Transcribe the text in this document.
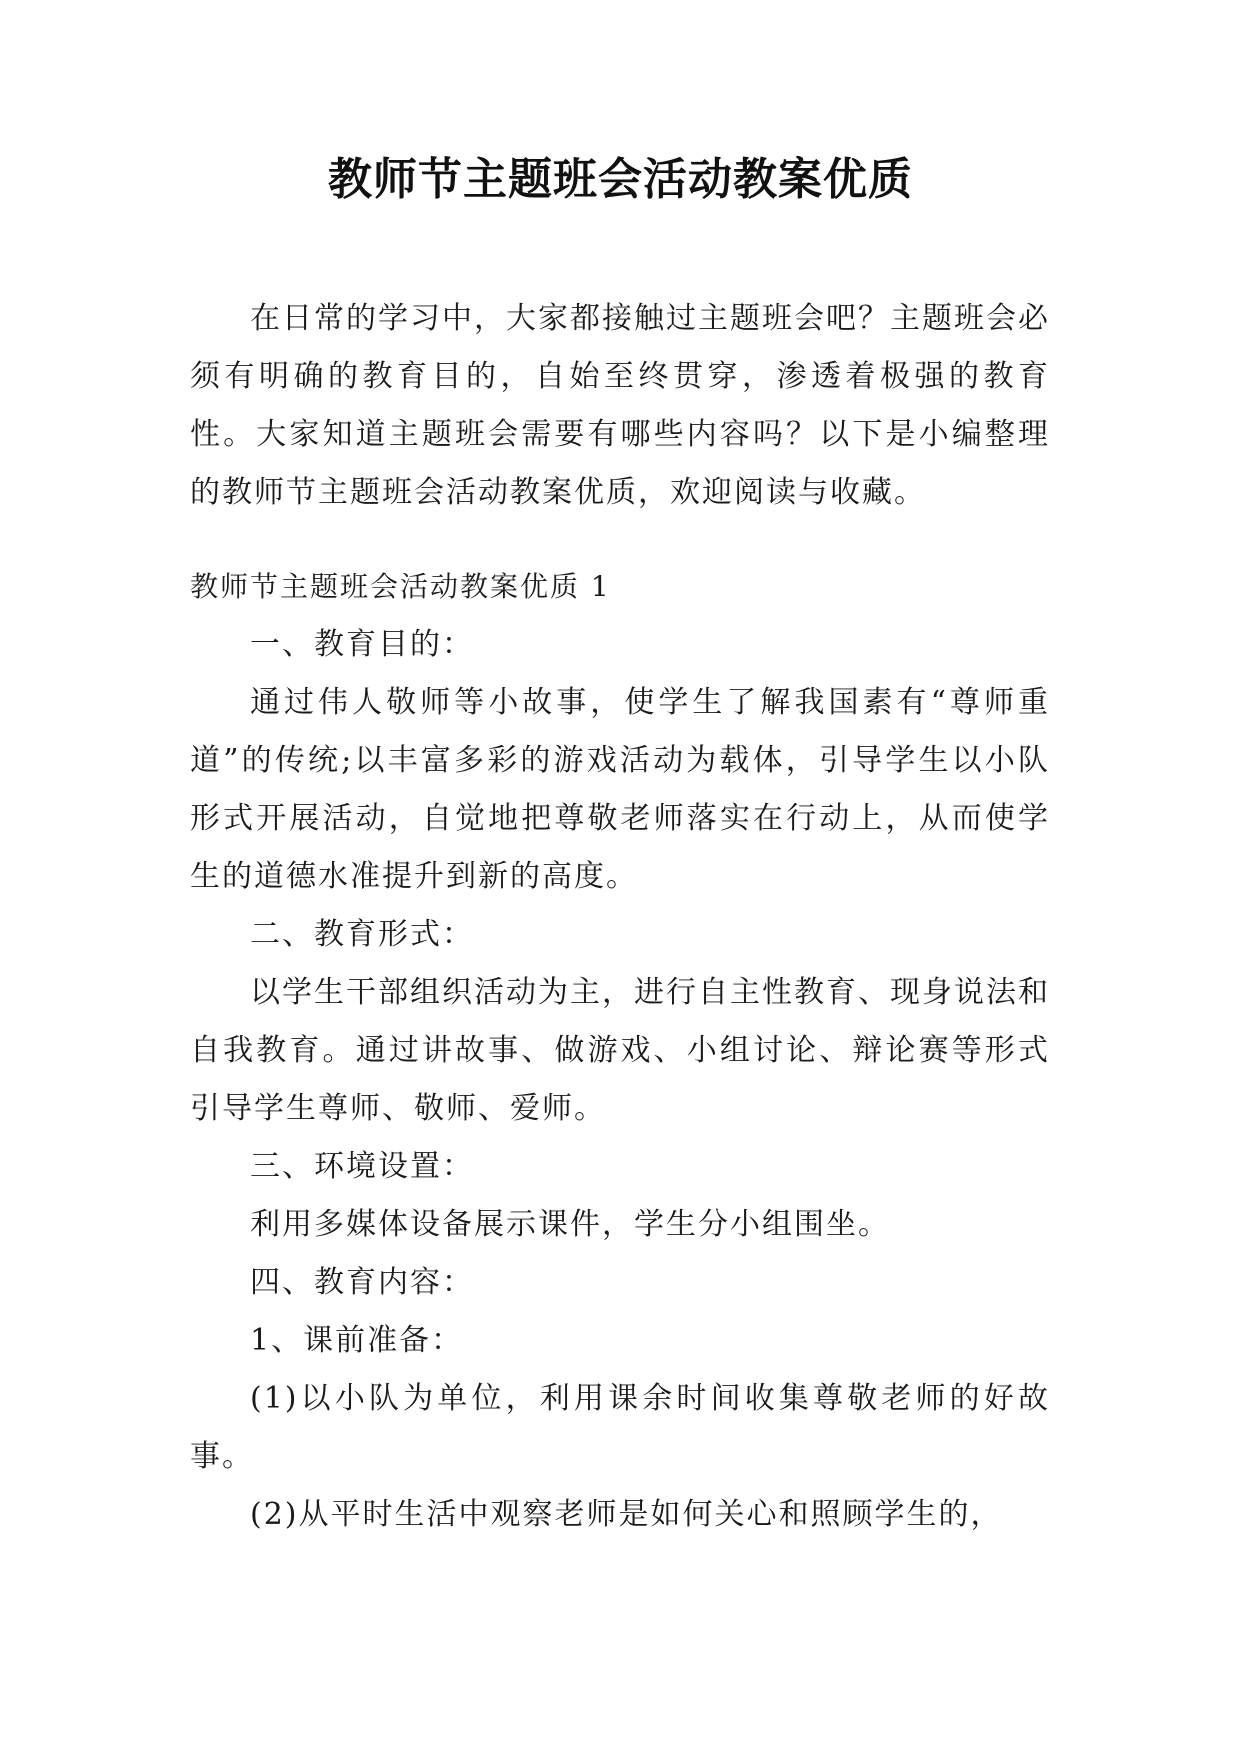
教师节主题班会活动教案优质

在日常的学习中，大家都接触过主题班会吧？主题班会必须有明确的教育目的，自始至终贯穿，渗透着极强的教育性。大家知道主题班会需要有哪些内容吗？以下是小编整理的教师节主题班会活动教案优质，欢迎阅读与收藏。

教师节主题班会活动教案优质 1

一、教育目的：

通过伟人敬师等小故事，使学生了解我国素有“尊师重道”的传统;以丰富多彩的游戏活动为载体，引导学生以小队形式开展活动，自觉地把尊敬老师落实在行动上，从而使学生的道德水准提升到新的高度。

二、教育形式：

以学生干部组织活动为主，进行自主性教育、现身说法和自我教育。通过讲故事、做游戏、小组讨论、辩论赛等形式引导学生尊师、敬师、爱师。

三、环境设置：

利用多媒体设备展示课件，学生分小组围坐。

四、教育内容：

1、课前准备：

(1)以小队为单位，利用课余时间收集尊敬老师的好故事。

(2)从平时生活中观察老师是如何关心和照顾学生的，
